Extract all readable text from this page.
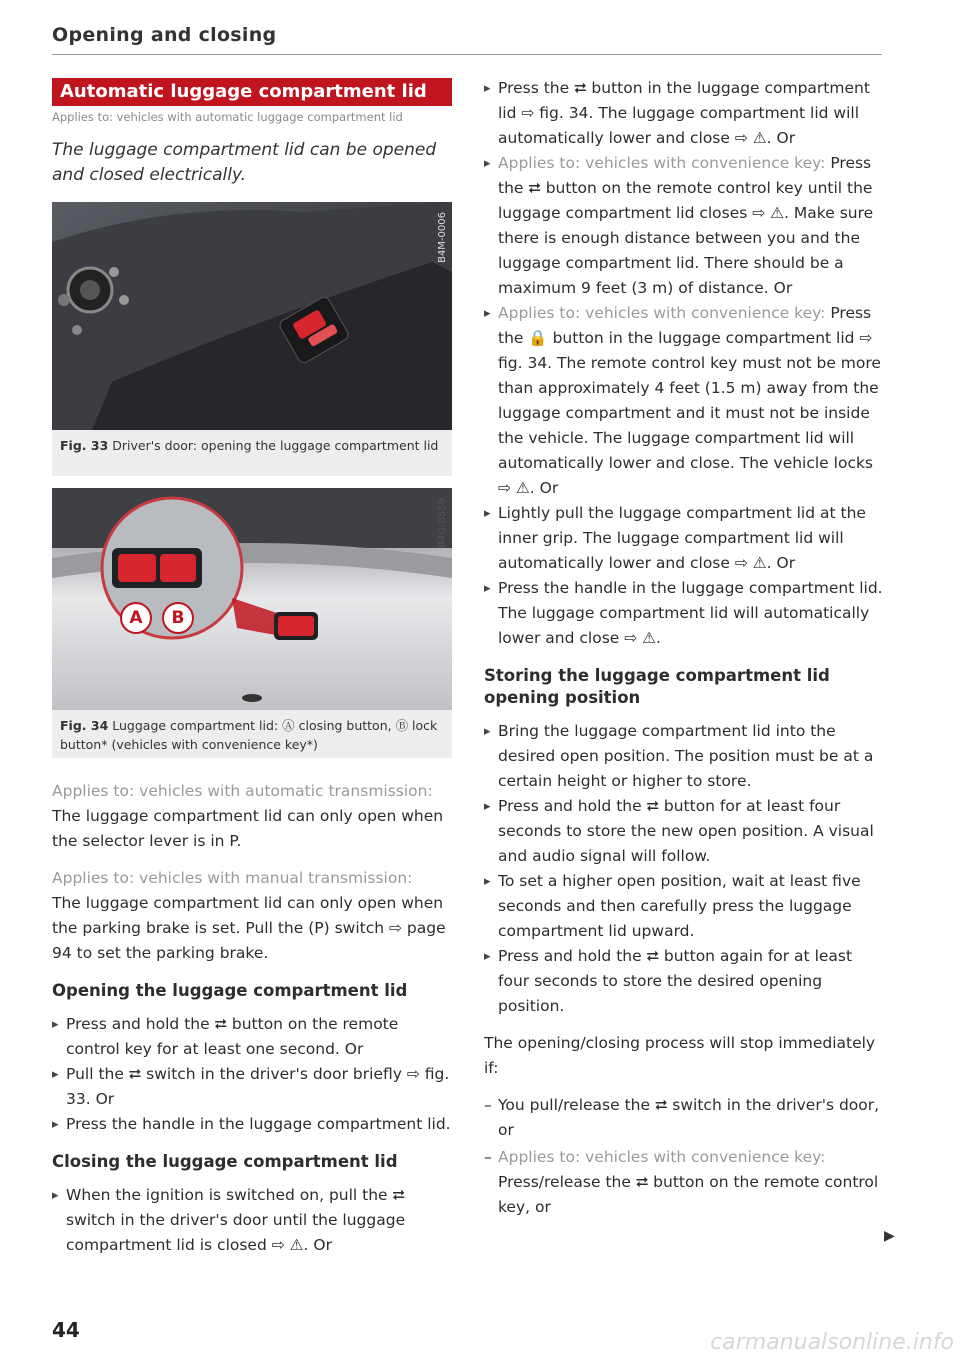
Opening and closing
Automatic luggage compartment lid
Applies to: vehicles with automatic luggage compartment lid
The luggage compartment lid can be opened and closed electrically.
B4M-0006
Fig. 33 Driver's door: opening the luggage compartment lid
A B
B4G-0559
Fig. 34 Luggage compartment lid: Ⓐ closing button, Ⓑ lock button* (vehicles with convenience key*)

Applies to: vehicles with automatic transmission:

The luggage compartment lid can only open when the selector lever is in P.

Applies to: vehicles with manual transmission:

The luggage compartment lid can only open when the parking brake is set. Pull the (P) switch ⇨ page 94 to set the parking brake.

Opening the luggage compartment lid

▸ Press and hold the ⮂ button on the remote control key for at least one second. Or

▸ Pull the ⮂ switch in the driver's door briefly ⇨ fig. 33. Or

▸ Press the handle in the luggage compartment lid.

Closing the luggage compartment lid

▸ When the ignition is switched on, pull the ⮂ switch in the driver's door until the luggage compartment lid is closed ⇨ ⚠. Or

▸ Press the ⮂ button in the luggage compartment lid ⇨ fig. 34. The luggage compartment lid will automatically lower and close ⇨ ⚠. Or

▸ Applies to: vehicles with convenience key: Press the ⮂ button on the remote control key until the luggage compartment lid closes ⇨ ⚠. Make sure there is enough distance between you and the luggage compartment lid. There should be a maximum 9 feet (3 m) of distance. Or

▸ Applies to: vehicles with convenience key: Press the 🔒 button in the luggage compartment lid ⇨ fig. 34. The remote control key must not be more than approximately 4 feet (1.5 m) away from the luggage compartment and it must not be inside the vehicle. The luggage compartment lid will automatically lower and close. The vehicle locks ⇨ ⚠. Or

▸ Lightly pull the luggage compartment lid at the inner grip. The luggage compartment lid will automatically lower and close ⇨ ⚠. Or

▸ Press the handle in the luggage compartment lid. The luggage compartment lid will automatically lower and close ⇨ ⚠.

Storing the luggage compartment lid opening position

▸ Bring the luggage compartment lid into the desired open position. The position must be at a certain height or higher to store.

▸ Press and hold the ⮂ button for at least four seconds to store the new open position. A visual and audio signal will follow.

▸ To set a higher open position, wait at least five seconds and then carefully press the luggage compartment lid upward.

▸ Press and hold the ⮂ button again for at least four seconds to store the desired opening position.

The opening/closing process will stop immediately if:

– You pull/release the ⮂ switch in the driver's door, or

– Applies to: vehicles with convenience key:
Press/release the ⮂ button on the remote control key, or

▶
44	carmanualsonline.info
